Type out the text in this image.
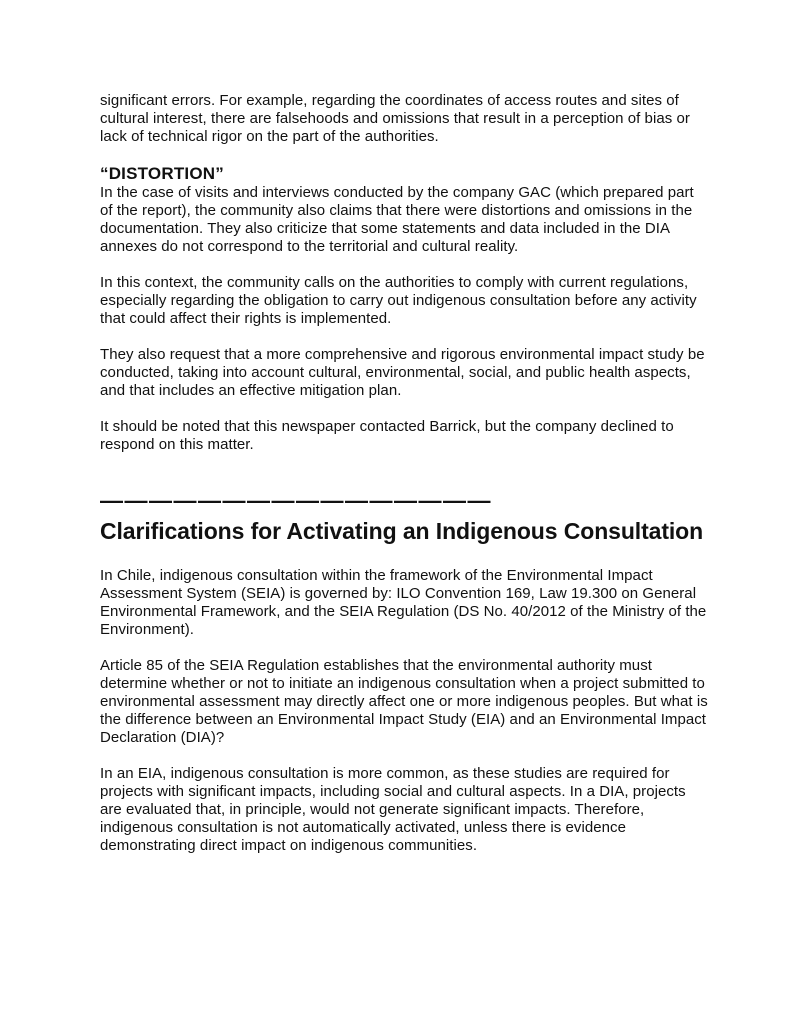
significant errors. For example, regarding the coordinates of access routes and sites of cultural interest, there are falsehoods and omissions that result in a perception of bias or lack of technical rigor on the part of the authorities.

“DISTORTION”

In the case of visits and interviews conducted by the company GAC (which prepared part of the report), the community also claims that there were distortions and omissions in the documentation. They also criticize that some statements and data included in the DIA annexes do not correspond to the territorial and cultural reality.

In this context, the community calls on the authorities to comply with current regulations, especially regarding the obligation to carry out indigenous consultation before any activity that could affect their rights is implemented.

They also request that a more comprehensive and rigorous environmental impact study be conducted, taking into account cultural, environmental, social, and public health aspects, and that includes an effective mitigation plan.

It should be noted that this newspaper contacted Barrick, but the company declined to respond on this matter.

————————————————
Clarifications for Activating an Indigenous Consultation

In Chile, indigenous consultation within the framework of the Environmental Impact Assessment System (SEIA) is governed by: ILO Convention 169, Law 19.300 on General Environmental Framework, and the SEIA Regulation (DS No. 40/2012 of the Ministry of the Environment).

Article 85 of the SEIA Regulation establishes that the environmental authority must determine whether or not to initiate an indigenous consultation when a project submitted to environmental assessment may directly affect one or more indigenous peoples. But what is the difference between an Environmental Impact Study (EIA) and an Environmental Impact Declaration (DIA)?

In an EIA, indigenous consultation is more common, as these studies are required for projects with significant impacts, including social and cultural aspects. In a DIA, projects are evaluated that, in principle, would not generate significant impacts. Therefore, indigenous consultation is not automatically activated, unless there is evidence demonstrating direct impact on indigenous communities.
